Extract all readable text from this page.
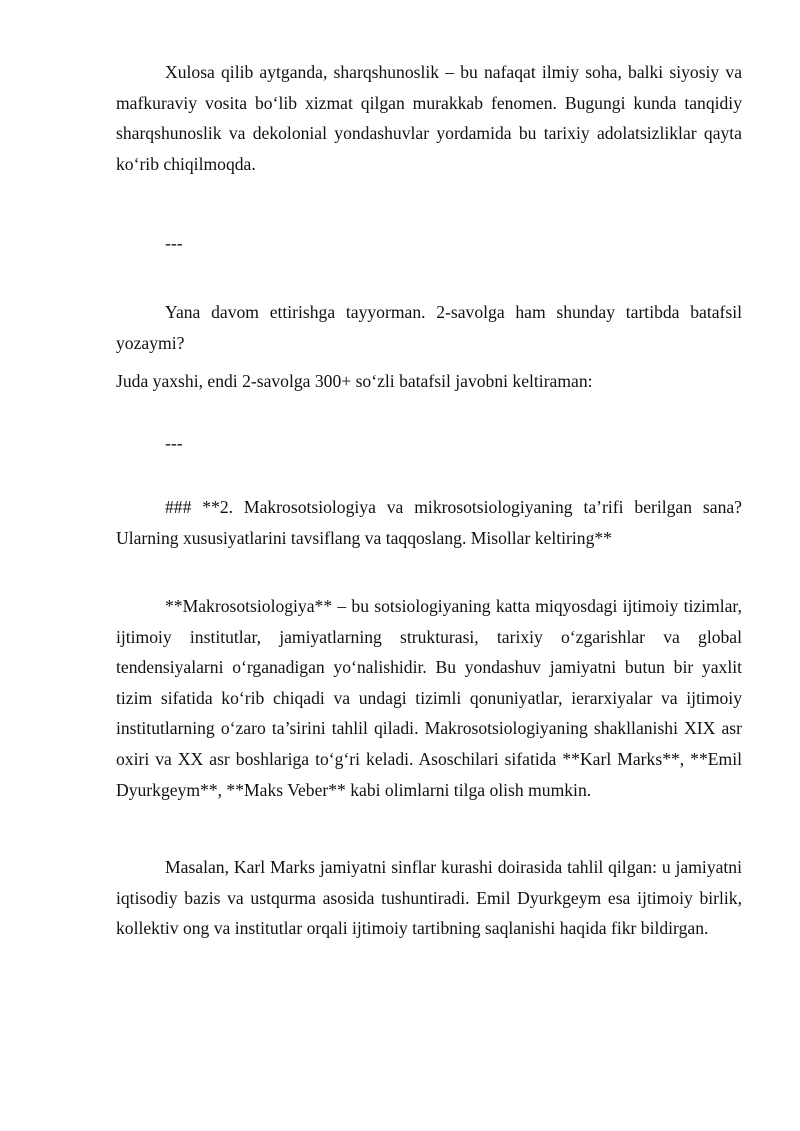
Xulosa qilib aytganda, sharqshunoslik – bu nafaqat ilmiy soha, balki siyosiy va mafkuraviy vosita bo‘lib xizmat qilgan murakkab fenomen. Bugungi kunda tanqidiy sharqshunoslik va dekolonial yondashuvlar yordamida bu tarixiy adolatsizliklar qayta ko‘rib chiqilmoqda.

---

Yana davom ettirishga tayyorman. 2-savolga ham shunday tartibda batafsil yozaymi?

Juda yaxshi, endi 2-savolga 300+ so‘zli batafsil javobni keltiraman:

---

### **2. Makrosotsiologiya va mikrosotsiologiyaning ta’rifi berilgan sana? Ularning xususiyatlarini tavsiflang va taqqoslang. Misollar keltiring**

**Makrosotsiologiya** – bu sotsiologiyaning katta miqyosdagi ijtimoiy tizimlar, ijtimoiy institutlar, jamiyatlarning strukturasi, tarixiy o‘zgarishlar va global tendensiyalarni o‘rganadigan yo‘nalishidir. Bu yondashuv jamiyatni butun bir yaxlit tizim sifatida ko‘rib chiqadi va undagi tizimli qonuniyatlar, ierarxiyalar va ijtimoiy institutlarning o‘zaro ta’sirini tahlil qiladi. Makrosotsiologiyaning shakllanishi XIX asr oxiri va XX asr boshlariga to‘g‘ri keladi. Asoschilari sifatida **Karl Marks**, **Emil Dyurkgeym**, **Maks Veber** kabi olimlarni tilga olish mumkin.

Masalan, Karl Marks jamiyatni sinflar kurashi doirasida tahlil qilgan: u jamiyatni iqtisodiy bazis va ustqurma asosida tushuntiradi. Emil Dyurkgeym esa ijtimoiy birlik, kollektiv ong va institutlar orqali ijtimoiy tartibning saqlanishi haqida fikr bildirgan.
